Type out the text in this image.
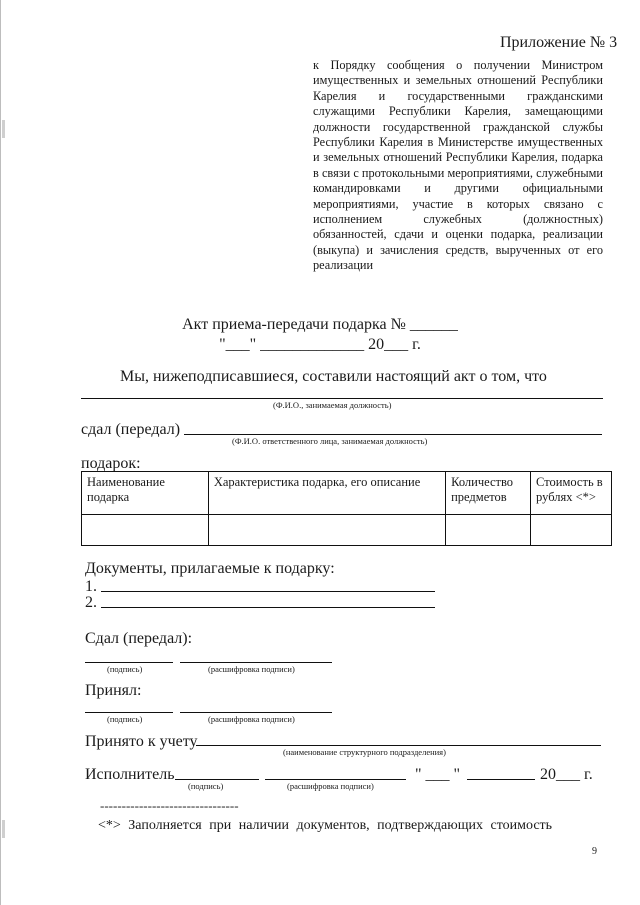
Приложение № 3
к Порядку сообщения о получении Министром имущественных и земельных отношений Республики Карелия и государственными гражданскими служащими Республики Карелия, замещающими должности государственной гражданской службы Республики Карелия в Министерстве имущественных и земельных отношений Республики Карелия, подарка в связи с протокольными мероприятиями, служебными командировками и другими официальными мероприятиями, участие в которых связано с исполнением служебных (должностных) обязанностей, сдачи и оценки подарка, реализации (выкупа) и зачисления средств, вырученных от его реализации
Акт приема-передачи подарка № ______
"___" _____________ 20___ г.
Мы, нижеподписавшиеся, составили настоящий акт о том, что
(Ф.И.О., занимаемая должность)
сдал (передал)
(Ф.И.О. ответственного лица, занимаемая должность)
подарок:
Наименование подарка	Характеристика подарка, его описание	Количество предметов	Стоимость в рублях <*>

Документы, прилагаемые к подарку:
1.
2.
Сдал (передал):
(подпись)	(расшифровка подписи)
Принял:
(подпись)	(расшифровка подписи)
Принято к учету
(наименование структурного подразделения)
Исполнитель
(подпись)	(расшифровка подписи)
" ___ "	20___ г.
--------------------------------
<*> Заполняется при наличии документов, подтверждающих стоимость
9
